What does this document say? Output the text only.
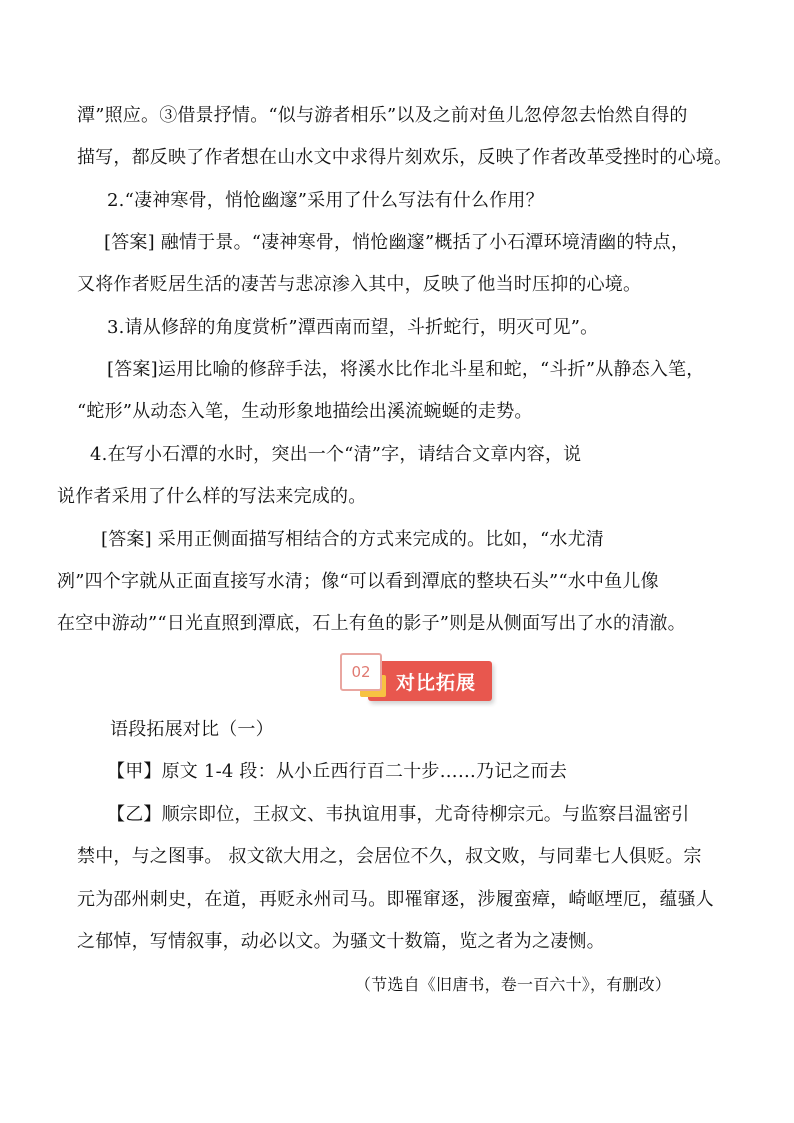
潭”照应。③借景抒情。“似与游者相乐”以及之前对鱼儿忽停忽去怡然自得的
描写，都反映了作者想在山水文中求得片刻欢乐，反映了作者改革受挫时的心境。
2.“凄神寒骨，悄怆幽邃”采用了什么写法有什么作用？
[答案] 融情于景。“凄神寒骨，悄怆幽邃”概括了小石潭环境清幽的特点，
又将作者贬居生活的凄苦与悲凉渗入其中，反映了他当时压抑的心境。
3.请从修辞的角度赏析”潭西南而望，斗折蛇行，明灭可见”。
[答案]运用比喻的修辞手法，将溪水比作北斗星和蛇，“斗折”从静态入笔，
“蛇形”从动态入笔，生动形象地描绘出溪流蜿蜒的走势。
4.在写小石潭的水时，突出一个“清”字，请结合文章内容，说
说作者采用了什么样的写法来完成的。
[答案] 采用正侧面描写相结合的方式来完成的。比如，“水尤清
冽”四个字就从正面直接写水清；像“可以看到潭底的整块石头”“水中鱼儿像
在空中游动”“日光直照到潭底，石上有鱼的影子”则是从侧面写出了水的清澈。
02	对比拓展
语段拓展对比（一）
【甲】原文 1-4 段：从小丘西行百二十步……乃记之而去
【乙】顺宗即位，王叔文、韦执谊用事，尤奇待柳宗元。与监察吕温密引
禁中，与之图事。 叔文欲大用之，会居位不久，叔文败，与同辈七人俱贬。宗
元为邵州刺史，在道，再贬永州司马。即罹窜逐，涉履蛮瘴，崎岖堙厄，蕴骚人
之郁悼，写情叙事，动必以文。为骚文十数篇，览之者为之凄恻。
（节选自《旧唐书，卷一百六十》，有删改）
